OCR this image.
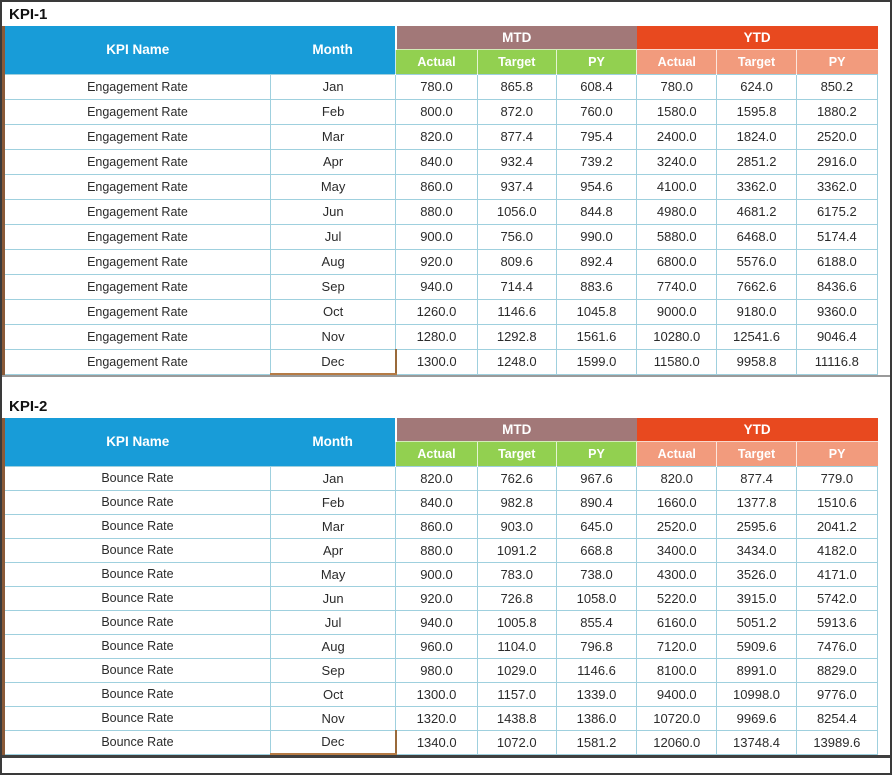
KPI-1
KPI Name	Month	MTD			YTD		
		Actual	Target	PY	Actual	Target	PY
Engagement Rate	Jan	780.0	865.8	608.4	780.0	624.0	850.2
Engagement Rate	Feb	800.0	872.0	760.0	1580.0	1595.8	1880.2
Engagement Rate	Mar	820.0	877.4	795.4	2400.0	1824.0	2520.0
Engagement Rate	Apr	840.0	932.4	739.2	3240.0	2851.2	2916.0
Engagement Rate	May	860.0	937.4	954.6	4100.0	3362.0	3362.0
Engagement Rate	Jun	880.0	1056.0	844.8	4980.0	4681.2	6175.2
Engagement Rate	Jul	900.0	756.0	990.0	5880.0	6468.0	5174.4
Engagement Rate	Aug	920.0	809.6	892.4	6800.0	5576.0	6188.0
Engagement Rate	Sep	940.0	714.4	883.6	7740.0	7662.6	8436.6
Engagement Rate	Oct	1260.0	1146.6	1045.8	9000.0	9180.0	9360.0
Engagement Rate	Nov	1280.0	1292.8	1561.6	10280.0	12541.6	9046.4
Engagement Rate	Dec	1300.0	1248.0	1599.0	11580.0	9958.8	11116.8
KPI-2
KPI Name	Month	MTD			YTD		
		Actual	Target	PY	Actual	Target	PY
Bounce Rate	Jan	820.0	762.6	967.6	820.0	877.4	779.0
Bounce Rate	Feb	840.0	982.8	890.4	1660.0	1377.8	1510.6
Bounce Rate	Mar	860.0	903.0	645.0	2520.0	2595.6	2041.2
Bounce Rate	Apr	880.0	1091.2	668.8	3400.0	3434.0	4182.0
Bounce Rate	May	900.0	783.0	738.0	4300.0	3526.0	4171.0
Bounce Rate	Jun	920.0	726.8	1058.0	5220.0	3915.0	5742.0
Bounce Rate	Jul	940.0	1005.8	855.4	6160.0	5051.2	5913.6
Bounce Rate	Aug	960.0	1104.0	796.8	7120.0	5909.6	7476.0
Bounce Rate	Sep	980.0	1029.0	1146.6	8100.0	8991.0	8829.0
Bounce Rate	Oct	1300.0	1157.0	1339.0	9400.0	10998.0	9776.0
Bounce Rate	Nov	1320.0	1438.8	1386.0	10720.0	9969.6	8254.4
Bounce Rate	Dec	1340.0	1072.0	1581.2	12060.0	13748.4	13989.6
